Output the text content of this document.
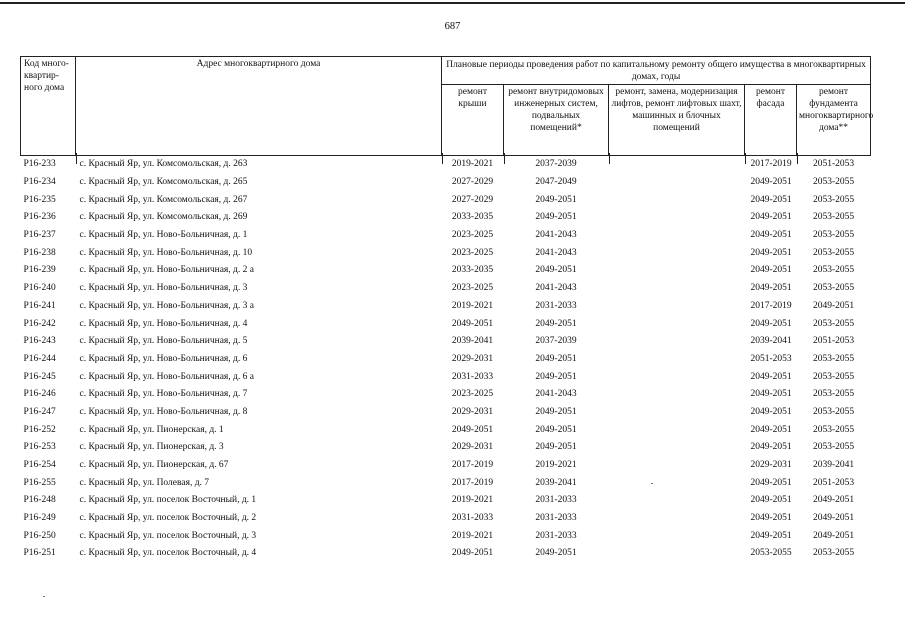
687
Код много-квартир-ного дома	Адрес многоквартирного дома	Плановые периоды проведения работ по капитальному ремонту общего имущества в многоквартирных домах, годы				
		ремонт крыши	ремонт внутридомовых инженерных систем, подвальных помещений*	ремонт, замена, модернизация лифтов, ремонт лифтовых шахт, машинных и блочных помещений	ремонт фасада	ремонт фундамента многоквартирного дома**
P16-233	с. Красный Яр, ул. Комсомольская, д. 263	2019-2021	2037-2039		2017-2019	2051-2053
P16-234	с. Красный Яр, ул. Комсомольская, д. 265	2027-2029	2047-2049		2049-2051	2053-2055
P16-235	с. Красный Яр, ул. Комсомольская, д. 267	2027-2029	2049-2051		2049-2051	2053-2055
P16-236	с. Красный Яр, ул. Комсомольская, д. 269	2033-2035	2049-2051		2049-2051	2053-2055
P16-237	с. Красный Яр, ул. Ново-Больничная, д. 1	2023-2025	2041-2043		2049-2051	2053-2055
P16-238	с. Красный Яр, ул. Ново-Больничная, д. 10	2023-2025	2041-2043		2049-2051	2053-2055
P16-239	с. Красный Яр, ул. Ново-Больничная, д. 2 а	2033-2035	2049-2051		2049-2051	2053-2055
P16-240	с. Красный Яр, ул. Ново-Больничная, д. 3	2023-2025	2041-2043		2049-2051	2053-2055
P16-241	с. Красный Яр, ул. Ново-Больничная, д. 3 а	2019-2021	2031-2033		2017-2019	2049-2051
P16-242	с. Красный Яр, ул. Ново-Больничная, д. 4	2049-2051	2049-2051		2049-2051	2053-2055
P16-243	с. Красный Яр, ул. Ново-Больничная, д. 5	2039-2041	2037-2039		2039-2041	2051-2053
P16-244	с. Красный Яр, ул. Ново-Больничная, д. 6	2029-2031	2049-2051		2051-2053	2053-2055
P16-245	с. Красный Яр, ул. Ново-Больничная, д. 6 а	2031-2033	2049-2051		2049-2051	2053-2055
P16-246	с. Красный Яр, ул. Ново-Больничная, д. 7	2023-2025	2041-2043		2049-2051	2053-2055
P16-247	с. Красный Яр, ул. Ново-Больничная, д. 8	2029-2031	2049-2051		2049-2051	2053-2055
P16-252	с. Красный Яр, ул. Пионерская, д. 1	2049-2051	2049-2051		2049-2051	2053-2055
P16-253	с. Красный Яр, ул. Пионерская, д. 3	2029-2031	2049-2051		2049-2051	2053-2055
P16-254	с. Красный Яр, ул. Пионерская, д. 67	2017-2019	2019-2021		2029-2031	2039-2041
P16-255	с. Красный Яр, ул. Полевая, д. 7	2017-2019	2039-2041		2049-2051	2051-2053
P16-248	с. Красный Яр, ул. поселок Восточный, д. 1	2019-2021	2031-2033		2049-2051	2049-2051
P16-249	с. Красный Яр, ул. поселок Восточный, д. 2	2031-2033	2031-2033		2049-2051	2049-2051
P16-250	с. Красный Яр, ул. поселок Восточный, д. 3	2019-2021	2031-2033		2049-2051	2049-2051
P16-251	с. Красный Яр, ул. поселок Восточный, д. 4	2049-2051	2049-2051		2053-2055	2053-2055
